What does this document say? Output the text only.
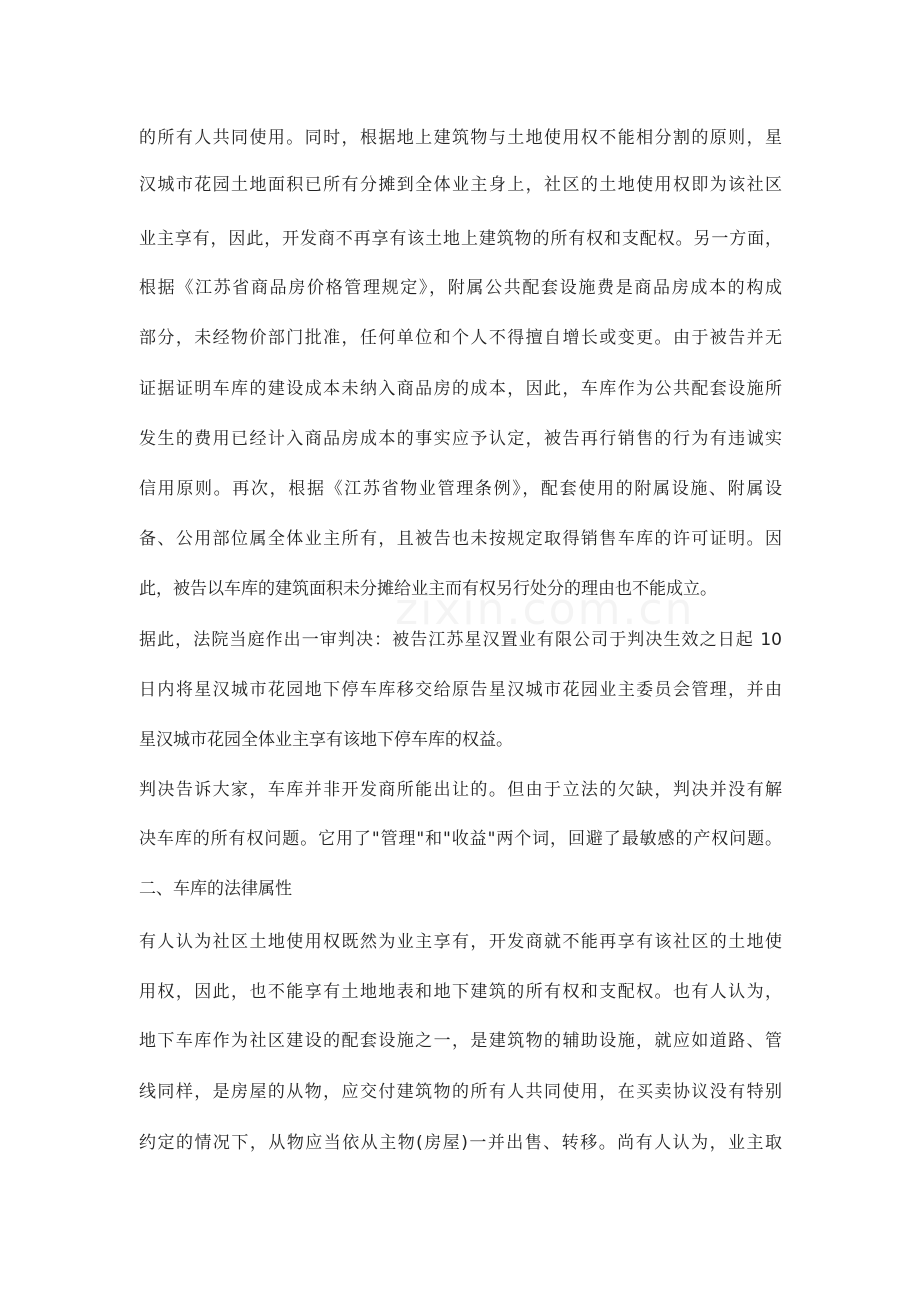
的所有人共同使用。同时，根据地上建筑物与土地使用权不能相分割的原则，星
汉城市花园土地面积已所有分摊到全体业主身上，社区的土地使用权即为该社区
业主享有，因此，开发商不再享有该土地上建筑物的所有权和支配权。另一方面，
根据《江苏省商品房价格管理规定》，附属公共配套设施费是商品房成本的构成
部分，未经物价部门批准，任何单位和个人不得擅自增长或变更。由于被告并无
证据证明车库的建设成本未纳入商品房的成本，因此，车库作为公共配套设施所
发生的费用已经计入商品房成本的事实应予认定，被告再行销售的行为有违诚实
信用原则。再次，根据《江苏省物业管理条例》，配套使用的附属设施、附属设
备、公用部位属全体业主所有，且被告也未按规定取得销售车库的许可证明。因
此，被告以车库的建筑面积未分摊给业主而有权另行处分的理由也不能成立。
据此，法院当庭作出一审判决：被告江苏星汉置业有限公司于判决生效之日起 10
日内将星汉城市花园地下停车库移交给原告星汉城市花园业主委员会管理，并由
星汉城市花园全体业主享有该地下停车库的权益。
判决告诉大家，车库并非开发商所能出让的。但由于立法的欠缺，判决并没有解
决车库的所有权问题。它用了"管理"和"收益"两个词，回避了最敏感的产权问题。
二、车库的法律属性
有人认为社区土地使用权既然为业主享有，开发商就不能再享有该社区的土地使
用权，因此，也不能享有土地地表和地下建筑的所有权和支配权。也有人认为，
地下车库作为社区建设的配套设施之一，是建筑物的辅助设施，就应如道路、管
线同样，是房屋的从物，应交付建筑物的所有人共同使用，在买卖协议没有特别
约定的情况下，从物应当依从主物(房屋)一并出售、转移。尚有人认为，业主取
